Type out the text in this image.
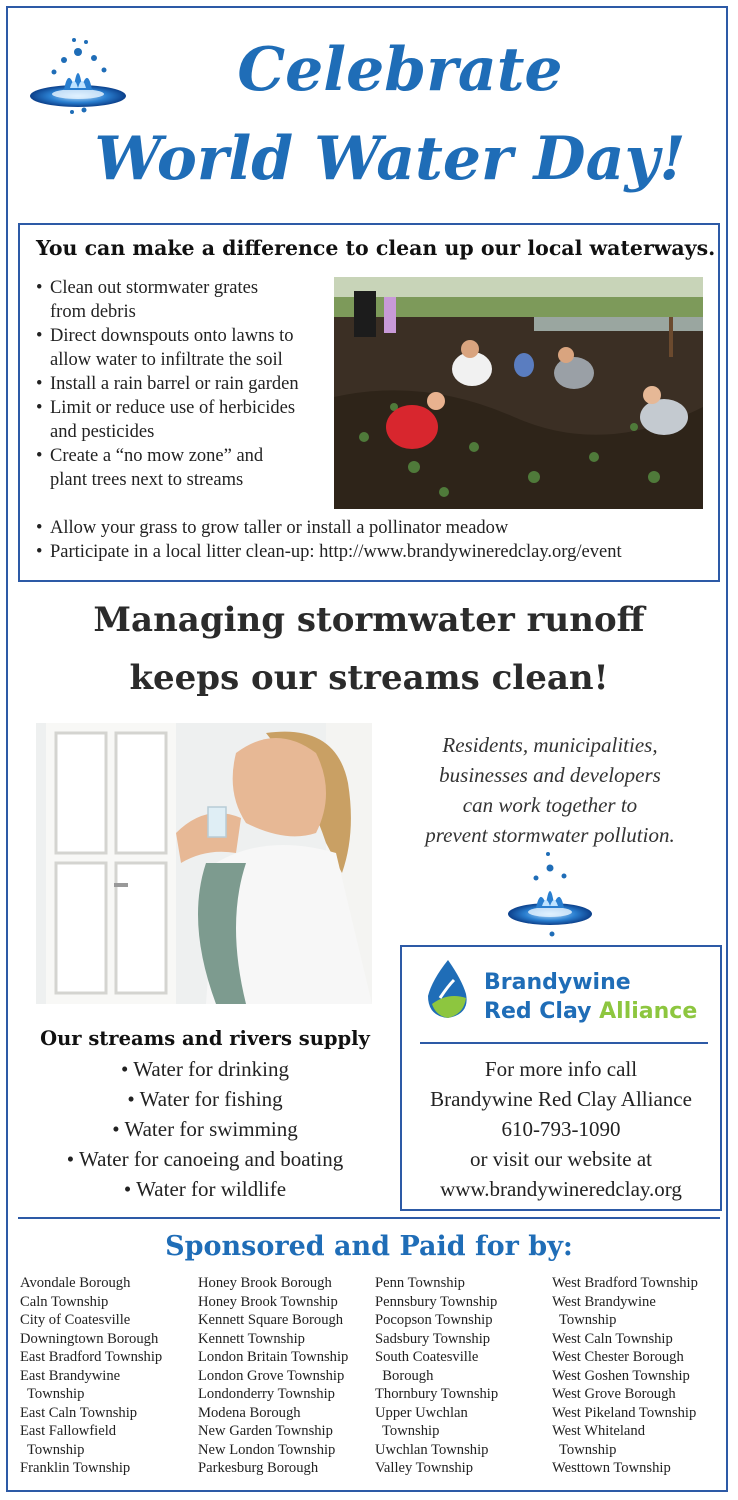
Celebrate
World Water Day!
You can make a difference to clean up our local waterways.
• Clean out stormwater grates
from debris
• Direct downspouts onto lawns to
allow water to infiltrate the soil
• Install a rain barrel or rain garden
• Limit or reduce use of herbicides
and pesticides
• Create a “no mow zone” and
plant trees next to streams
• Allow your grass to grow taller or install a pollinator meadow
• Participate in a local litter clean-up: http://www.brandywineredclay.org/event
Managing stormwater runoff
keeps our streams clean!
Residents, municipalities,
businesses and developers
can work together to
prevent stormwater pollution.
Brandywine
Red Clay Alliance
For more info call
Brandywine Red Clay Alliance
610-793-1090
or visit our website at
www.brandywineredclay.org
Our streams and rivers supply
• Water for drinking
• Water for fishing
• Water for swimming
• Water for canoeing and boating
• Water for wildlife
Sponsored and Paid for by:
Avondale Borough
Caln Township
City of Coatesville
Downingtown Borough
East Bradford Township
East Brandywine
Township
East Caln Township
East Fallowfield
Township
Franklin Township
Honey Brook Borough
Honey Brook Township
Kennett Square Borough
Kennett Township
London Britain Township
London Grove Township
Londonderry Township
Modena Borough
New Garden Township
New London Township
Parkesburg Borough
Penn Township
Pennsbury Township
Pocopson Township
Sadsbury Township
South Coatesville
Borough
Thornbury Township
Upper Uwchlan
Township
Uwchlan Township
Valley Township
West Bradford Township
West Brandywine
Township
West Caln Township
West Chester Borough
West Goshen Township
West Grove Borough
West Pikeland Township
West Whiteland
Township
Westtown Township
